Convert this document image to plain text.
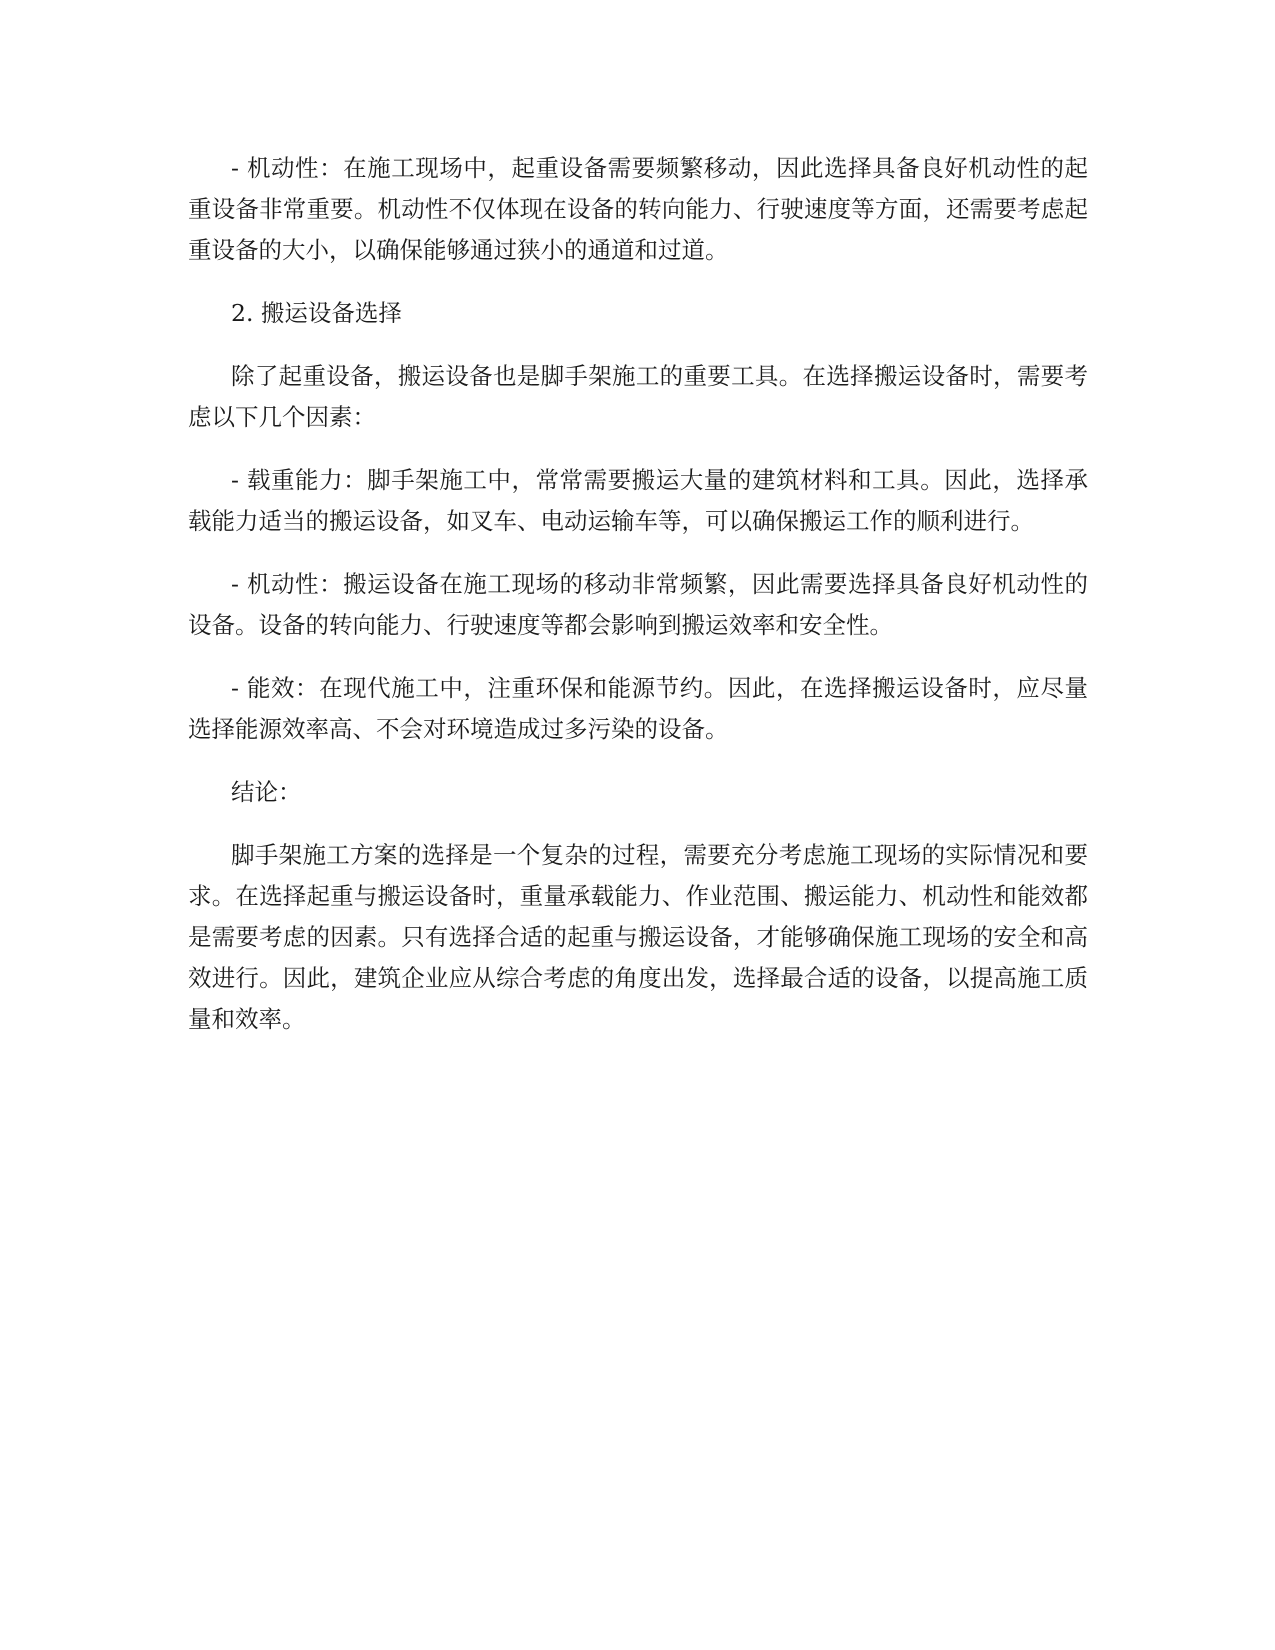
- 机动性：在施工现场中，起重设备需要频繁移动，因此选择具备良好机动性的起重设备非常重要。机动性不仅体现在设备的转向能力、行驶速度等方面，还需要考虑起重设备的大小，以确保能够通过狭小的通道和过道。

2. 搬运设备选择

除了起重设备，搬运设备也是脚手架施工的重要工具。在选择搬运设备时，需要考虑以下几个因素：

- 载重能力：脚手架施工中，常常需要搬运大量的建筑材料和工具。因此，选择承载能力适当的搬运设备，如叉车、电动运输车等，可以确保搬运工作的顺利进行。

- 机动性：搬运设备在施工现场的移动非常频繁，因此需要选择具备良好机动性的设备。设备的转向能力、行驶速度等都会影响到搬运效率和安全性。

- 能效：在现代施工中，注重环保和能源节约。因此，在选择搬运设备时，应尽量选择能源效率高、不会对环境造成过多污染的设备。

结论：

脚手架施工方案的选择是一个复杂的过程，需要充分考虑施工现场的实际情况和要求。在选择起重与搬运设备时，重量承载能力、作业范围、搬运能力、机动性和能效都是需要考虑的因素。只有选择合适的起重与搬运设备，才能够确保施工现场的安全和高效进行。因此，建筑企业应从综合考虑的角度出发，选择最合适的设备，以提高施工质量和效率。
